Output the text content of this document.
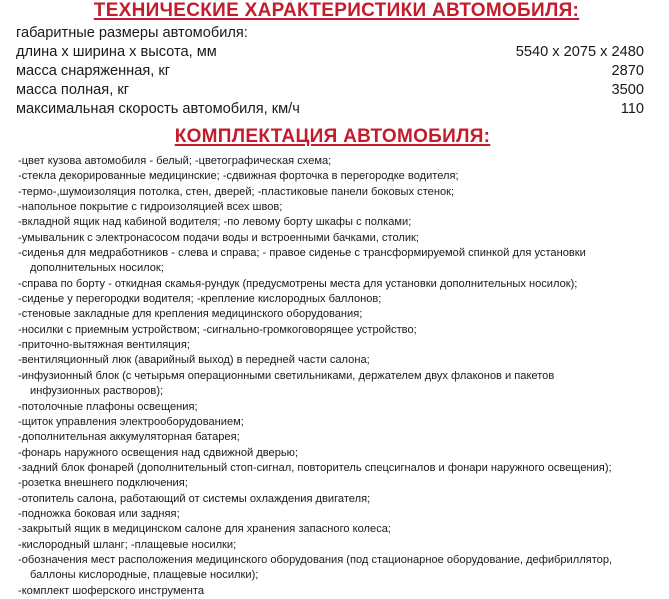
ТЕХНИЧЕСКИЕ ХАРАКТЕРИСТИКИ АВТОМОБИЛЯ:
габаритные размеры автомобиля:
длина х ширина х высота, мм	5540 х 2075 х 2480
масса снаряженная, кг	2870
масса полная, кг	3500
максимальная скорость автомобиля, км/ч	110
КОМПЛЕКТАЦИЯ АВТОМОБИЛЯ:
-цвет кузова автомобиля - белый; -цветографическая схема;
-стекла декорированные медицинские; -сдвижная форточка в перегородке водителя;
-термо-,шумоизоляция потолка, стен, дверей; -пластиковые панели боковых стенок;
-напольное покрытие с гидроизоляцией всех швов;
-вкладной ящик над кабиной водителя; -по левому борту шкафы с полками;
-умывальник с электронасосом подачи воды и встроенными бачками, столик;
-сиденья для медработников - слева и справа; - правое сиденье с трансформируемой спинкой для установки
дополнительных носилок;
-справа по борту - откидная скамья-рундук (предусмотрены места для установки дополнительных носилок);
-сиденье у перегородки водителя; -крепление кислородных баллонов;
-стеновые закладные для крепления медицинского оборудования;
-носилки с приемным устройством; -сигнально-громкоговорящее устройство;
-приточно-вытяжная вентиляция;
-вентиляционный люк (аварийный выход) в передней части салона;
-инфузионный блок (с четырьмя операционными светильниками, держателем двух флаконов и пакетов
инфузионных растворов);
-потолочные плафоны освещения;
-щиток управления электрооборудованием;
-дополнительная аккумуляторная батарея;
-фонарь наружного освещения над сдвижной дверью;
-задний блок фонарей (дополнительный стоп-сигнал, повторитель спецсигналов и фонари наружного освещения);
-розетка внешнего подключения;
-отопитель салона, работающий от системы охлаждения двигателя;
-подножка боковая или задняя;
-закрытый ящик в медицинском салоне для хранения запасного колеса;
-кислородный шланг; -плащевые носилки;
-обозначения мест расположения медицинского оборудования (под стационарное оборудование, дефибриллятор,
баллоны кислородные, плащевые носилки);
-комплект шоферского инструмента
